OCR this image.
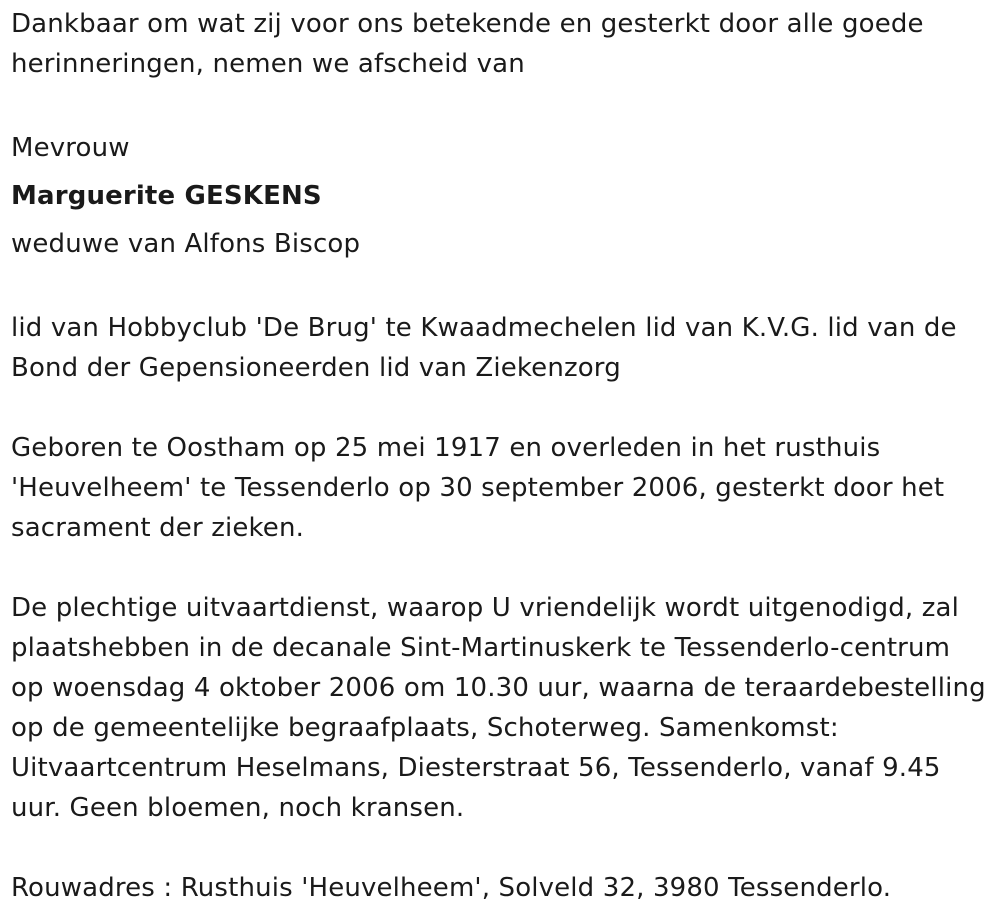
Dankbaar om wat zij voor ons betekende en gesterkt door alle goede herinneringen, nemen we afscheid van

Mevrouw

Marguerite GESKENS

weduwe van Alfons Biscop

lid van Hobbyclub 'De Brug' te Kwaadmechelen lid van K.V.G. lid van de Bond der Gepensioneerden lid van Ziekenzorg

Geboren te Oostham op 25 mei 1917 en overleden in het rusthuis 'Heuvelheem' te Tessenderlo op 30 september 2006, gesterkt door het sacrament der zieken.

De plechtige uitvaartdienst, waarop U vriendelijk wordt uitgenodigd, zal plaatshebben in de decanale Sint-Martinuskerk te Tessenderlo-centrum op woensdag 4 oktober 2006 om 10.30 uur, waarna de teraardebestelling op de gemeentelijke begraafplaats, Schoterweg. Samenkomst: Uitvaartcentrum Heselmans, Diesterstraat 56, Tessenderlo, vanaf 9.45 uur. Geen bloemen, noch kransen.

Rouwadres : Rusthuis 'Heuvelheem', Solveld 32, 3980 Tessenderlo.
